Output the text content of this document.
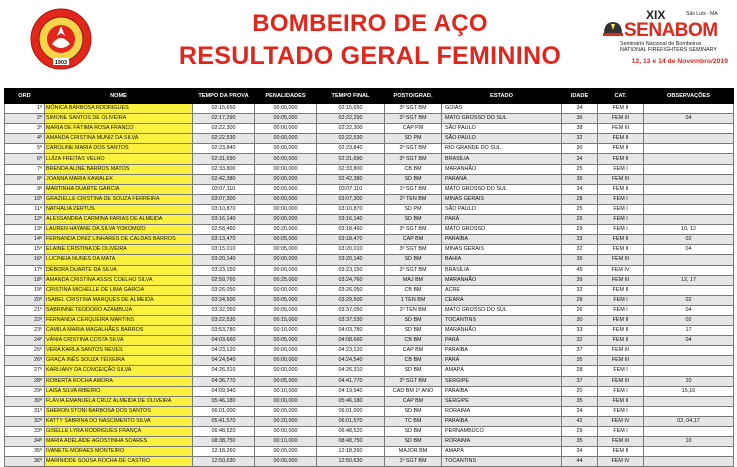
1903
BOMBEIRO DE AÇO
RESULTADO GERAL FEMININO
XIX	São Luís - MA
SENABOM
Seminário Nacional de Bombeiros
NATIONAL FIREFIGHTERS SEMINARY
12, 13 e 14 de Novembro/2019
ORD	NOME	TEMPO DA PROVA	PENALIDADES	TEMPO FINAL	POSTO/GRAD.	ESTADO	IDADE	CAT.	OBSERVAÇÕES
1º	MÔNICA BARBOSA RODRIGUES	02:15,650	00:00,000	02:15,650	3º SGT BM	GOIÁS	34	FEM II	
2º	SIMONE SANTOS DE OLIVEIRA	02:17,290	00:05,000	02:22,290	2º SGT BM	MATO GROSSO DO SUL	36	FEM III	04
3º	MARIA DE FÁTIMA ROSA FRANCO	02:22,300	00:00,000	02:22,300	CAP PM	SÃO PAULO	38	FEM III	
4º	AMANDA CRISTINA MUNIZ DA SILVA	02:22,530	00:00,000	02:22,530	SD PM	SÃO PAULO	32	FEM II	
5º	CAROLINE MARIA DOS SANTOS	02:23,840	00:00,000	02:23,840	2º SGT BM	RIO GRANDE DO SUL	30	FEM II	
6º	LUÍZA FREITAS VELHO	02:31,690	00:00,000	02:31,690	3º SGT BM	BRASÍLIA	34	FEM II	
7º	BRENDA ALINE BARROS MATOS	02:33,800	00:00,000	02:33,800	CB BM	MARANHÃO	25	FEM I	
8º	JOANNA MARIA KAWALEK	02:42,380	00:00,000	02:42,380	SD BM	PARANÁ	36	FEM III	
9º	MARTINHA DUARTE GARCIA	03:07,110	00:00,000	03:07,110	1º SGT BM	MATO GROSSO DO SUL	34	FEM II	
10º	GRAZIELLE CRISTINA DE SOUZA FERREIRA	03:07,300	00:00,000	03:07,300	2º TEN BM	MINAS GERAIS	28	FEM I	
11º	NATHALIA ZERTUS	03:10,870	00:00,000	03:10,870	SD PM	SÃO PAULO	25	FEM I	
12º	ALESSANDRA CARMINA FARIAS DE ALMEIDA	03:16,140	00:00,000	03:16,140	SD BM	PARÁ	26	FEM I	
13º	LAUREN HAYANE DA SILVA YOKOMIZO	02:58,460	00:20,000	03:18,460	3º SGT BM	MATO GROSSO	29	FEM I	10, 12
14º	FERNANDA DINIZ LINHARES DE CALDAS BARROS	03:13,470	00:05,000	03:18,470	CAP BM	PARAÍBA	33	FEM II	02
15º	ELAINE CRISTINA DE OLIVEIRA	03:15,010	00:05,000	03:20,010	3º SGT BM	MINAS GERAIS	32	FEM II	04
16º	LUCINEIA NUNES DA MATA	03:20,140	00:00,000	03:20,140	SD BM	BAHIA	36	FEM III	
17º	DEBORA DUARTE DA SILVA	03:23,150	00:00,000	03:23,150	2º SGT BM	BRASÍLIA	45	FEM IV	
18º	AMANDA CRISTINA ASSIS COELHO SILVA	02:59,760	00:25,000	03:24,760	MAJ BM	MARANHÃO	39	FEM III	12, 17
19º	CRISTINA MICHELLE DE LIMA GARCIA	03:26,050	00:00,000	03:26,050	CB BM	ACRE	32	FEM II	
20º	ISABEL CRISTINA MARQUES DE ALMEIDA	03:24,500	00:05,000	03:29,500	1 TEN BM	CEARÁ	28	FEM I	02
21º	SABRINNE TEODORO AZAMBUJA	03:32,050	00:05,000	03:37,050	2º TEN BM	MATO GROSSO DO SUL	26	FEM I	04
22º	FERNANDA CERQUEIRA MARTINS	03:22,530	00:15,000	03:37,530	SD BM	TOCANTINS	30	FEM II	02
23º	CAMILA MARIA MAGALHÃES BARROS	03:53,780	00:10,000	04:03,780	SD BM	MARANHÃO	33	FEM II	17
24º	VÂNIA CRISTINA COSTA SILVA	04:03,660	00:05,000	04:08,660	CB BM	PARÁ	32	FEM II	04
25º	VERA KARLA SANTOS NEVES	04:23,120	00:00,000	04:23,120	CAP BM	PARAÍBA	37	FEM III	
26º	GRAÇA INÊS SOUZA TEIXEIRA	04:24,540	00:00,000	04:24,540	CB BM	PARÁ	35	FEM III	
27º	KARLIANY DA CONCEIÇÃO SILVA	04:26,310	00:00,000	04:26,310	SD BM	AMAPÁ	28	FEM I	
28º	ROBERTA ROCHA AMORA	04:36,770	00:05,000	04:41,770	2º SGT BM	SERGIPE	37	FEM III	10
29º	LAISA SILVA RIBEIRO	04:09,940	00:10,000	04:19,940	CAD BM 1º ANO	PARAÍBA	20	FEM I	15,16
30º	FLÁVIA EMANUELA CRUZ ALMEIDA DE OLIVEIRA	05:46,180	00:00,000	05:46,180	CAP BM	SERGIPE	35	FEM II	
31º	SHERON STONI BARBOSA DOS SANTOS	06:01,000	00:00,000	06:01,000	SD BM	RORAIMA	24	FEM I	
32º	KATTY SABRINA DO NASCIMENTO SILVA	05:41,570	00:20,000	06:01,570	TC BM	PARAÍBA	42	FEM IV	02, 04,17
33º	GISELLE LYRA RODRIGUES FRANÇA	06:48,520	00:00,000	06:48,520	SD BM	PERNAMBUCO	29	FEM I	
34º	MARIA ADELAIDE AGOSTINHA SOARES	08:38,750	00:10,000	08:48,750	SD BM	RORAIMA	35	FEM III	10
35º	IVANETE MORAES MONTEIRO	12:18,260	00:00,000	12:18,260	MAJOR BM	AMAPÁ	34	FEM II	
36º	MARINIDDE SOUSA ROCHA DE CASTRO	12:50,630	00:00,000	12:50,630	1º SGT BM	TOCANTINS	44	FEM IV	
